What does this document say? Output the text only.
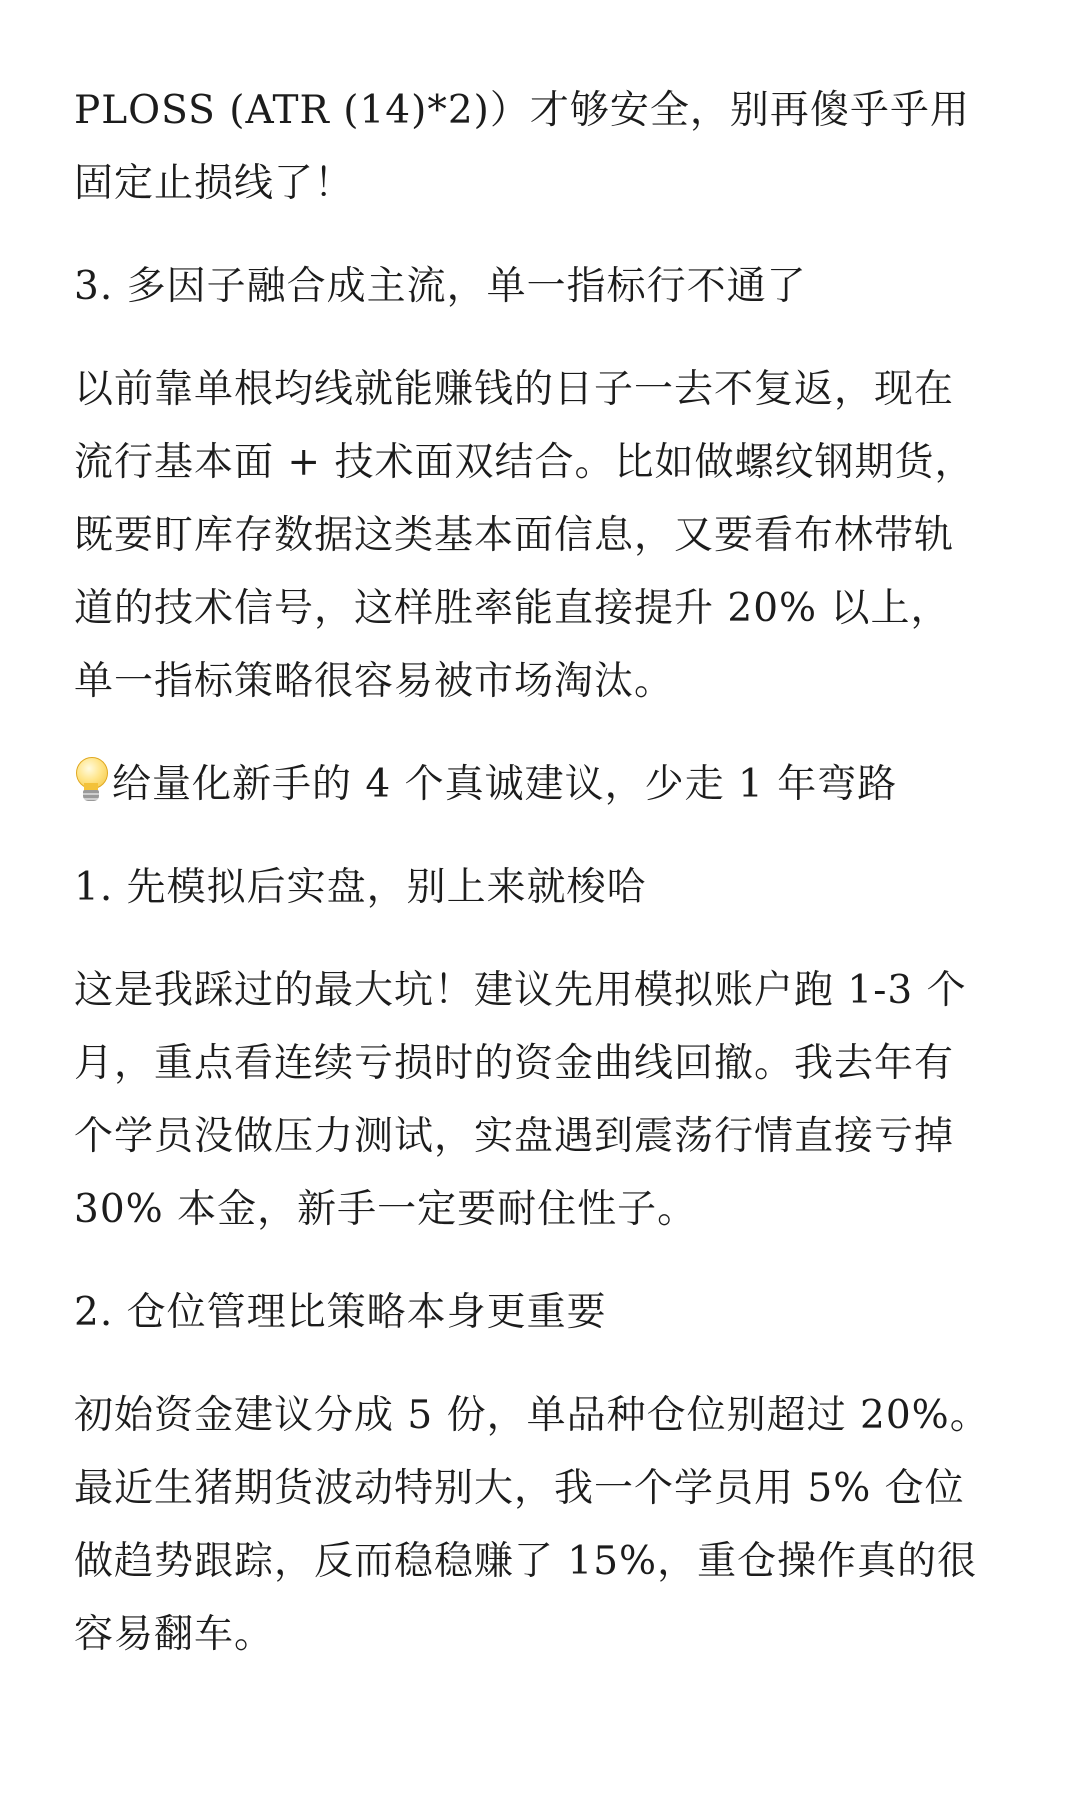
PLOSS (ATR (14)*2)）才够安全，别再傻乎乎用

固定止损线了！

3. 多因子融合成主流，单一指标行不通了

以前靠单根均线就能赚钱的日子一去不复返，现在

流行基本面 + 技术面双结合。比如做螺纹钢期货，

既要盯库存数据这类基本面信息，又要看布林带轨

道的技术信号，这样胜率能直接提升 20% 以上，

单一指标策略很容易被市场淘汰。

给量化新手的 4 个真诚建议，少走 1 年弯路

1. 先模拟后实盘，别上来就梭哈

这是我踩过的最大坑！建议先用模拟账户跑 1-3 个

月，重点看连续亏损时的资金曲线回撤。我去年有

个学员没做压力测试，实盘遇到震荡行情直接亏掉

30% 本金，新手一定要耐住性子。

2. 仓位管理比策略本身更重要

初始资金建议分成 5 份，单品种仓位别超过 20%。

最近生猪期货波动特别大，我一个学员用 5% 仓位

做趋势跟踪，反而稳稳赚了 15%，重仓操作真的很

容易翻车。
